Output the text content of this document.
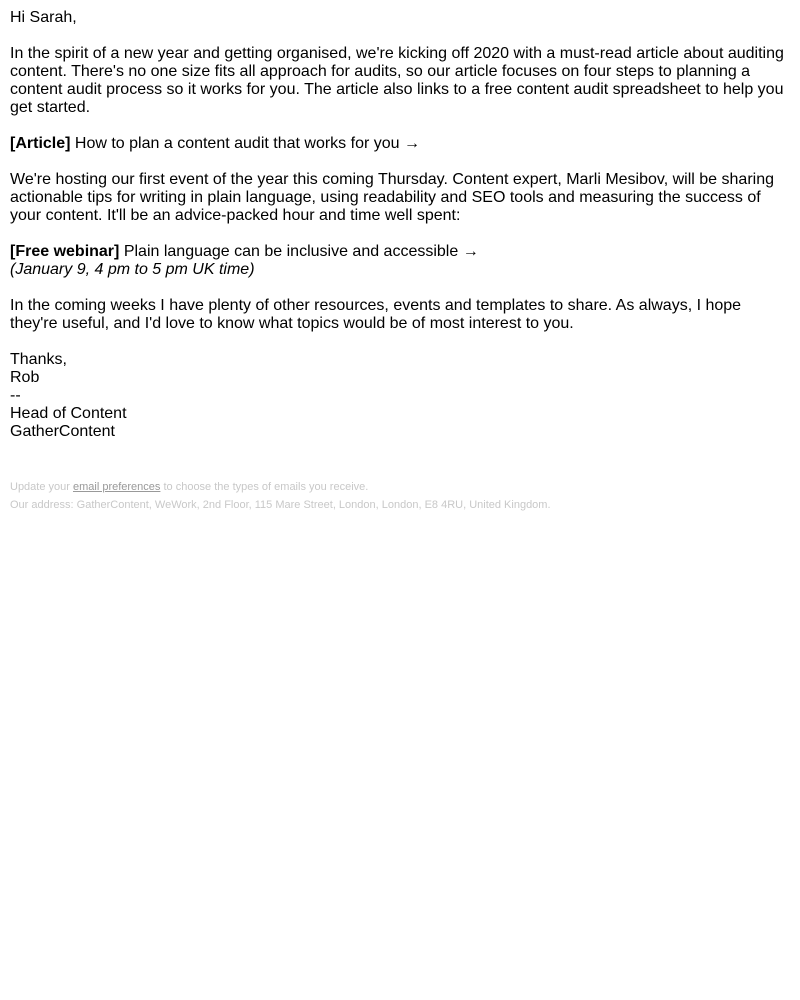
Hi Sarah,

In the spirit of a new year and getting organised, we're kicking off 2020 with a must-read article about auditing content. There's no one size fits all approach for audits, so our article focuses on four steps to planning a content audit process so it works for you. The article also links to a free content audit spreadsheet to help you get started.

[Article] How to plan a content audit that works for you →

We're hosting our first event of the year this coming Thursday. Content expert, Marli Mesibov, will be sharing actionable tips for writing in plain language, using readability and SEO tools and measuring the success of your content. It'll be an advice-packed hour and time well spent:

[Free webinar] Plain language can be inclusive and accessible →
(January 9, 4 pm to 5 pm UK time)

In the coming weeks I have plenty of other resources, events and templates to share. As always, I hope they're useful, and I'd love to know what topics would be of most interest to you.

Thanks,
Rob
--
Head of Content
GatherContent
Update your email preferences to choose the types of emails you receive.
Our address: GatherContent, WeWork, 2nd Floor, 115 Mare Street, London, London, E8 4RU, United Kingdom.
